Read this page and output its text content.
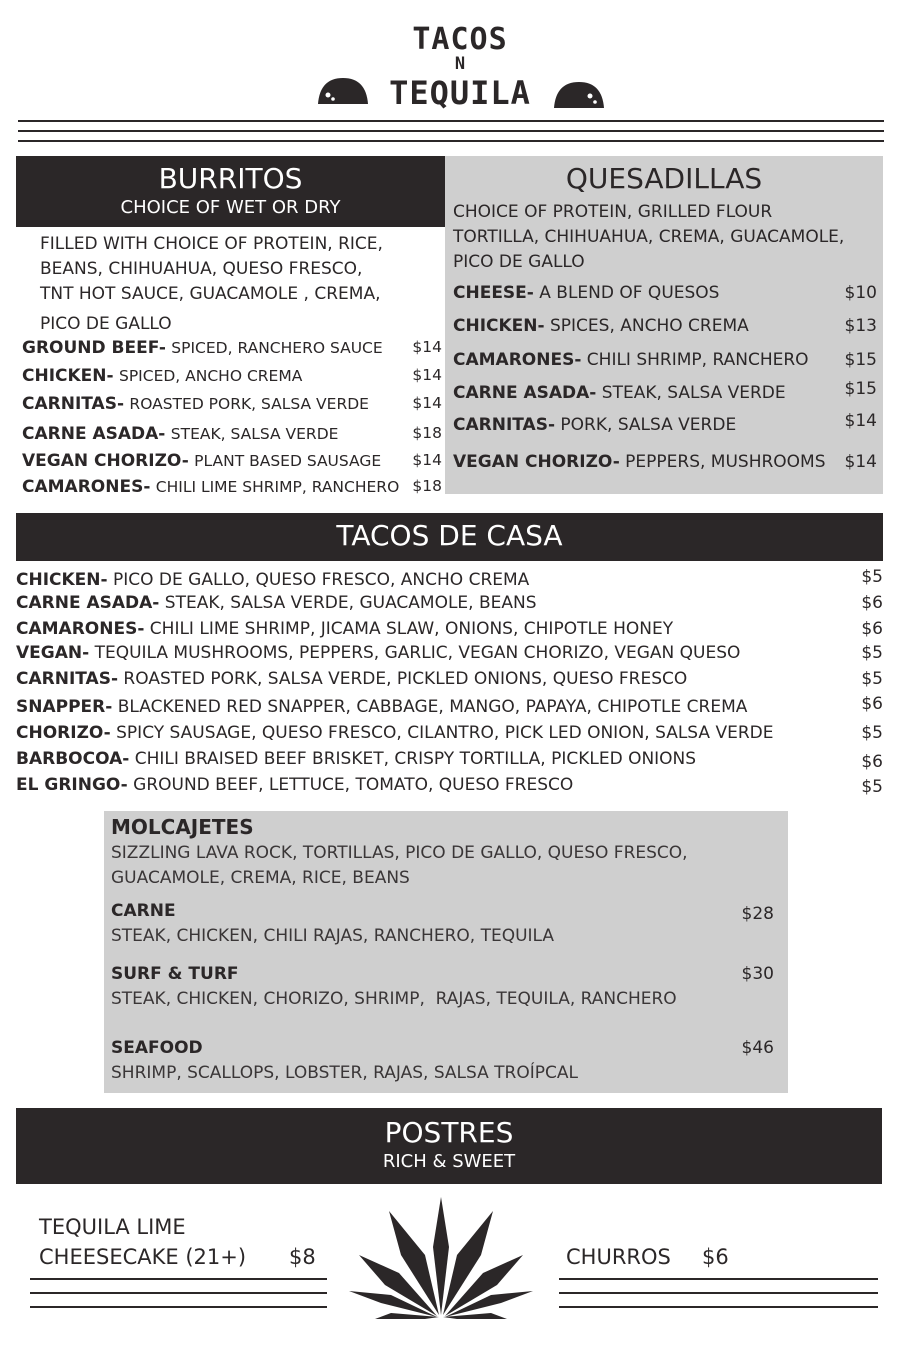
TACOS
N
TEQUILA
BURRITOS
CHOICE OF WET OR DRY
FILLED WITH CHOICE OF PROTEIN, RICE,
BEANS, CHIHUAHUA, QUESO FRESCO,
TNT HOT SAUCE, GUACAMOLE , CREMA,
PICO DE GALLO
GROUND BEEF- SPICED, RANCHERO SAUCE $14
CHICKEN- SPICED, ANCHO CREMA	$14
CARNITAS- ROASTED PORK, SALSA VERDE	$14
CARNE ASADA- STEAK, SALSA VERDE	$18
VEGAN CHORIZO- PLANT BASED SAUSAGE $14
CAMARONES- CHILI LIME SHRIMP, RANCHERO $18
QUESADILLAS
CHOICE OF PROTEIN, GRILLED FLOUR
TORTILLA, CHIHUAHUA, CREMA, GUACAMOLE,
PICO DE GALLO
CHEESE- A BLEND OF QUESOS	$10
CHICKEN- SPICES, ANCHO CREMA	$13
CAMARONES- CHILI SHRIMP, RANCHERO $15
CARNE ASADA- STEAK, SALSA VERDE	$15
CARNITAS- PORK, SALSA VERDE	$14
VEGAN CHORIZO- PEPPERS, MUSHROOMS $14
TACOS DE CASA
CHICKEN- PICO DE GALLO, QUESO FRESCO, ANCHO CREMA	$5
CARNE ASADA- STEAK, SALSA VERDE, GUACAMOLE, BEANS	$6
CAMARONES- CHILI LIME SHRIMP, JICAMA SLAW, ONIONS, CHIPOTLE HONEY	$6
VEGAN- TEQUILA MUSHROOMS, PEPPERS, GARLIC, VEGAN CHORIZO, VEGAN QUESO	$5
CARNITAS- ROASTED PORK, SALSA VERDE, PICKLED ONIONS, QUESO FRESCO	$5
SNAPPER- BLACKENED RED SNAPPER, CABBAGE, MANGO, PAPAYA, CHIPOTLE CREMA	$6
CHORIZO- SPICY SAUSAGE, QUESO FRESCO, CILANTRO, PICK LED ONION, SALSA VERDE	$5
BARBOCOA- CHILI BRAISED BEEF BRISKET, CRISPY TORTILLA, PICKLED ONIONS	$6
EL GRINGO- GROUND BEEF, LETTUCE, TOMATO, QUESO FRESCO	$5
MOLCAJETES
SIZZLING LAVA ROCK, TORTILLAS, PICO DE GALLO, QUESO FRESCO,
GUACAMOLE, CREMA, RICE, BEANS
CARNE	$28
STEAK, CHICKEN, CHILI RAJAS, RANCHERO, TEQUILA
SURF & TURF	$30
STEAK, CHICKEN, CHORIZO, SHRIMP,  RAJAS, TEQUILA, RANCHERO
SEAFOOD	$46
SHRIMP, SCALLOPS, LOBSTER, RAJAS, SALSA TROÍPCAL
POSTRES
RICH & SWEET
TEQUILA LIME
CHEESECAKE (21+) $8	CHURROS $6
